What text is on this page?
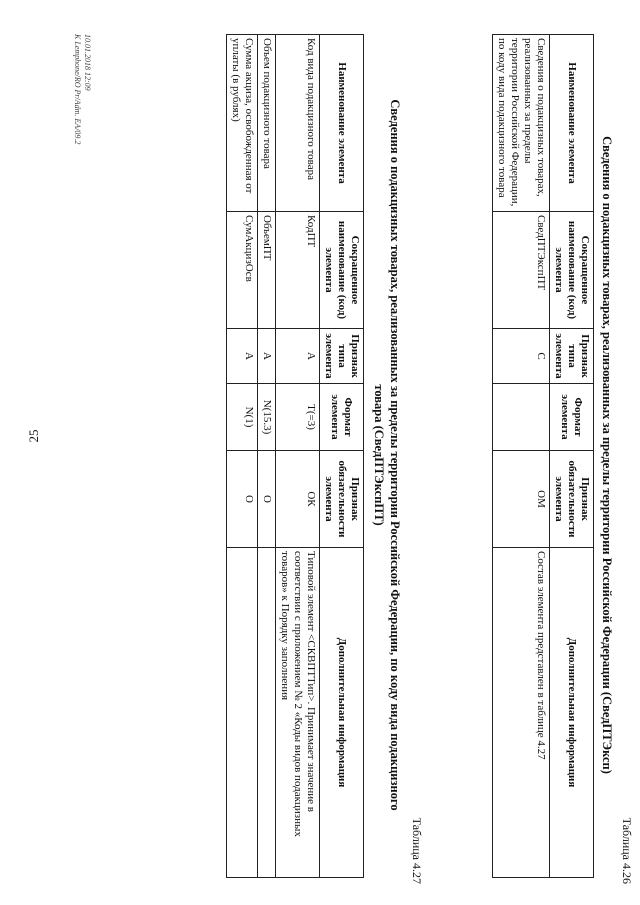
25
Таблица 4.26
Сведения о подакцизных товарах, реализованных за пределы территории Российской Федерации (СведПТЭксп)
Наименование элемента	Сокращенное наименование (код) элемента	Признак типа элемента	Формат элемента	Признак обязательности элемента	Дополнительная информация
Сведения о подакцизных товарах, реализованных за пределы территории Российской Федерации, по коду вида подакцизного товара	СведПТЭкспПТ	С		ОМ	Состав элемента представлен в таблице 4.27
Таблица 4.27
Сведения о подакцизных товарах, реализованных за пределы территории Российской Федерации, по коду вида подакцизного
товара (СведПТЭкспПТ)
Наименование элемента	Сокращенное наименование (код) элемента	Признак типа элемента	Формат элемента	Признак обязательности элемента	Дополнительная информация
Код вида подакцизного товара	КодПТ	А	Т(=3)	ОК	Типовой элемент <СКВПТТип>. Принимает значение в соответствии с приложением № 2 «Коды видов подакцизных товаров» к Порядку заполнения
Объем подакцизного товара	ОбъемПТ	А	N(15.3)	О	
Сумма акциза, освобожденная от уплаты (в рублях)	СумАкцизОсв	А	N(1)	О	
10.01.2018 12:09
К Lemphone/RO Pr/Adm. EA/09.2
